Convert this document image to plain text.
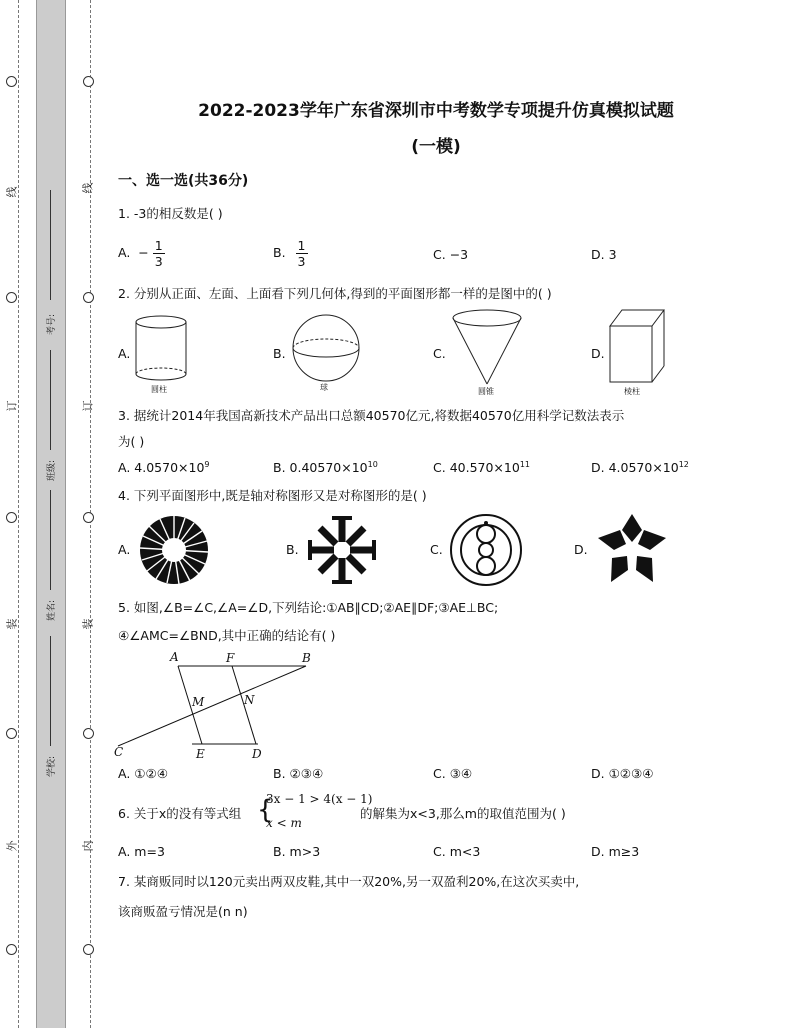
线
订
装
外
线
订
装
内
考号:
班级:
姓名:
学校:
2022-2023学年广东省深圳市中考数学专项提升仿真模拟试题
(一模)
一、选一选(共36分)
1. -3的相反数是( )
A. − $\frac{1}{3}$	B. $\frac{1}{3}$	C. −3	D. 3
2. 分别从正面、左面、上面看下列几何体,得到的平面图形都一样的是图中的( )
A.
圆柱
B.
球
C.
圆锥
D.
棱柱
3. 据统计2014年我国高新技术产品出口总额40570亿元,将数据40570亿用科学记数法表示
为( )
A. $4.0570\times 10^9$	B. $0.40570\times 10^{10}$	C. $40.570\times 10^{11}$	D. $4.0570\times 10^{12}$
4. 下列平面图形中,既是轴对称图形又是对称图形的是( )
A.	B.	C.	D.
5. 如图,∠B=∠C,∠A=∠D,下列结论:①AB∥CD;②AE∥DF;③AE⊥BC;
④∠AMC=∠BND,其中正确的结论有( )
A	F	B
M	N
C	E	D
A. ①②④	B. ②③④	C. ③④	D. ①②③④
6. 关于x的没有等式组 {
3x − 1 > 4(x − 1)
x < m
的解集为x<3,那么m的取值范围为( )
A. m=3	B. m>3	C. m<3	D. m≥3
7. 某商贩同时以120元卖出两双皮鞋,其中一双20%,另一双盈利20%,在这次买卖中,
该商贩盈亏情况是(n n)
